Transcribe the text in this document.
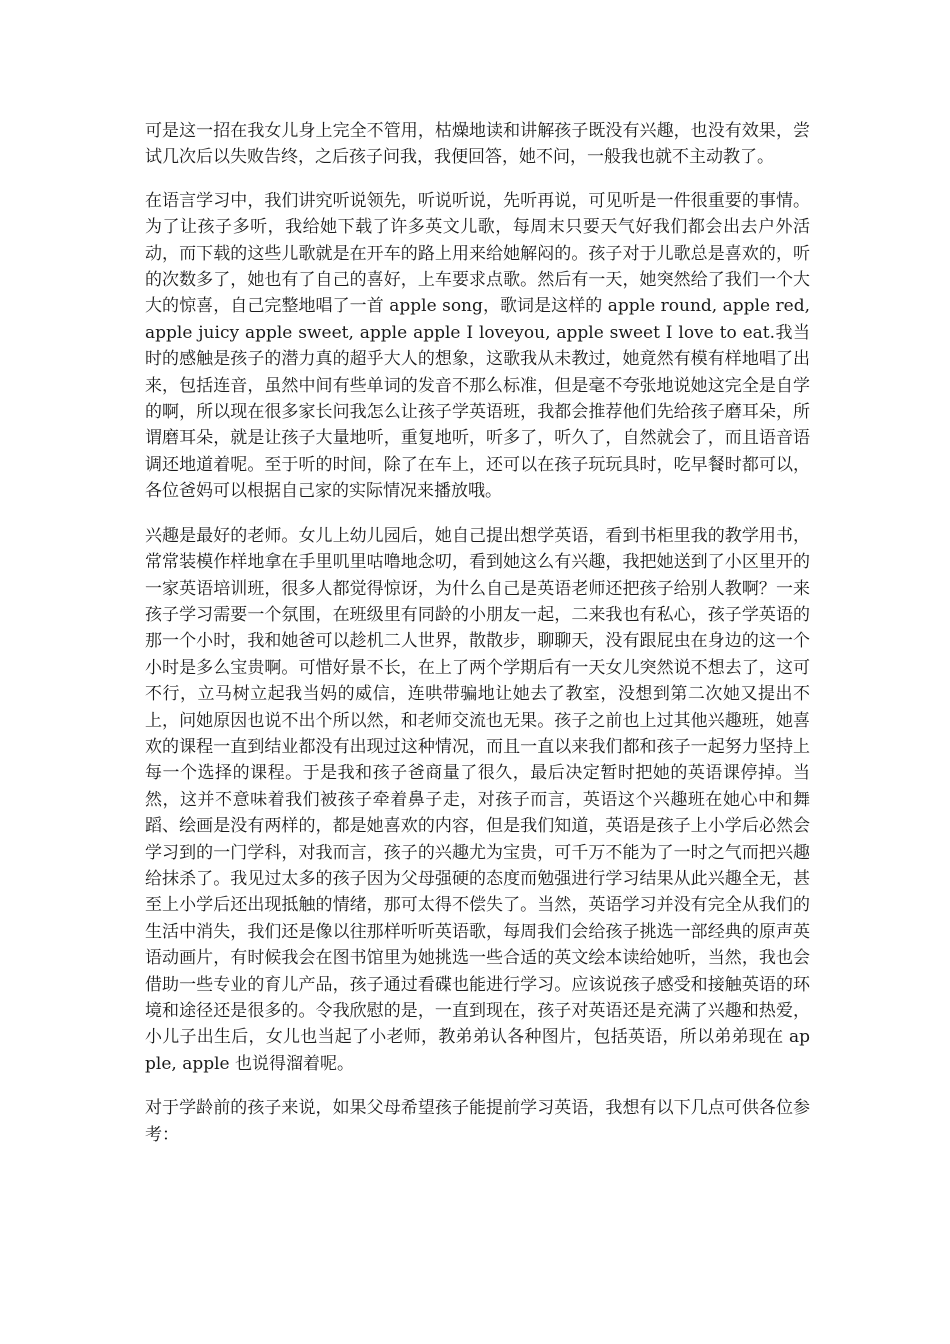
可是这一招在我女儿身上完全不管用，枯燥地读和讲解孩子既没有兴趣，也没有效果，尝试几次后以失败告终，之后孩子问我，我便回答，她不问，一般我也就不主动教了。

在语言学习中，我们讲究听说领先，听说听说，先听再说，可见听是一件很重要的事情。为了让孩子多听，我给她下载了许多英文儿歌，每周末只要天气好我们都会出去户外活动，而下载的这些儿歌就是在开车的路上用来给她解闷的。孩子对于儿歌总是喜欢的，听的次数多了，她也有了自己的喜好，上车要求点歌。然后有一天，她突然给了我们一个大大的惊喜，自己完整地唱了一首 apple song，歌词是这样的 apple round, apple red, apple juicy apple sweet, apple apple I loveyou, apple sweet I love to eat.我当时的感触是孩子的潜力真的超乎大人的想象，这歌我从未教过，她竟然有模有样地唱了出来，包括连音，虽然中间有些单词的发音不那么标准，但是毫不夸张地说她这完全是自学的啊，所以现在很多家长问我怎么让孩子学英语班，我都会推荐他们先给孩子磨耳朵，所谓磨耳朵，就是让孩子大量地听，重复地听，听多了，听久了，自然就会了，而且语音语调还地道着呢。至于听的时间，除了在车上，还可以在孩子玩玩具时，吃早餐时都可以， 各位爸妈可以根据自己家的实际情况来播放哦。

兴趣是最好的老师。女儿上幼儿园后，她自己提出想学英语，看到书柜里我的教学用书，常常装模作样地拿在手里叽里咕噜地念叨，看到她这么有兴趣，我把她送到了小区里开的一家英语培训班，很多人都觉得惊讶，为什么自己是英语老师还把孩子给别人教啊？一来孩子学习需要一个氛围，在班级里有同龄的小朋友一起，二来我也有私心，孩子学英语的那一个小时，我和她爸可以趁机二人世界，散散步，聊聊天，没有跟屁虫在身边的这一个小时是多么宝贵啊。可惜好景不长，在上了两个学期后有一天女儿突然说不想去了，这可不行，立马树立起我当妈的威信，连哄带骗地让她去了教室，没想到第二次她又提出不上，问她原因也说不出个所以然，和老师交流也无果。孩子之前也上过其他兴趣班，她喜欢的课程一直到结业都没有出现过这种情况，而且一直以来我们都和孩子一起努力坚持上每一个选择的课程。于是我和孩子爸商量了很久，最后决定暂时把她的英语课停掉。当然，这并不意味着我们被孩子牵着鼻子走，对孩子而言，英语这个兴趣班在她心中和舞蹈、绘画是没有两样的，都是她喜欢的内容，但是我们知道，英语是孩子上小学后必然会学习到的一门学科，对我而言，孩子的兴趣尤为宝贵，可千万不能为了一时之气而把兴趣给抹杀了。我见过太多的孩子因为父母强硬的态度而勉强进行学习结果从此兴趣全无，甚至上小学后还出现抵触的情绪，那可太得不偿失了。当然，英语学习并没有完全从我们的生活中消失，我们还是像以往那样听听英语歌，每周我们会给孩子挑选一部经典的原声英语动画片，有时候我会在图书馆里为她挑选一些合适的英文绘本读给她听，当然，我也会借助一些专业的育儿产品，孩子通过看碟也能进行学习。应该说孩子感受和接触英语的环境和途径还是很多的。令我欣慰的是，一直到现在，孩子对英语还是充满了兴趣和热爱，小儿子出生后，女儿也当起了小老师，教弟弟认各种图片，包括英语，所以弟弟现在 apple, apple 也说得溜着呢。

对于学龄前的孩子来说，如果父母希望孩子能提前学习英语，我想有以下几点可供各位参考：
